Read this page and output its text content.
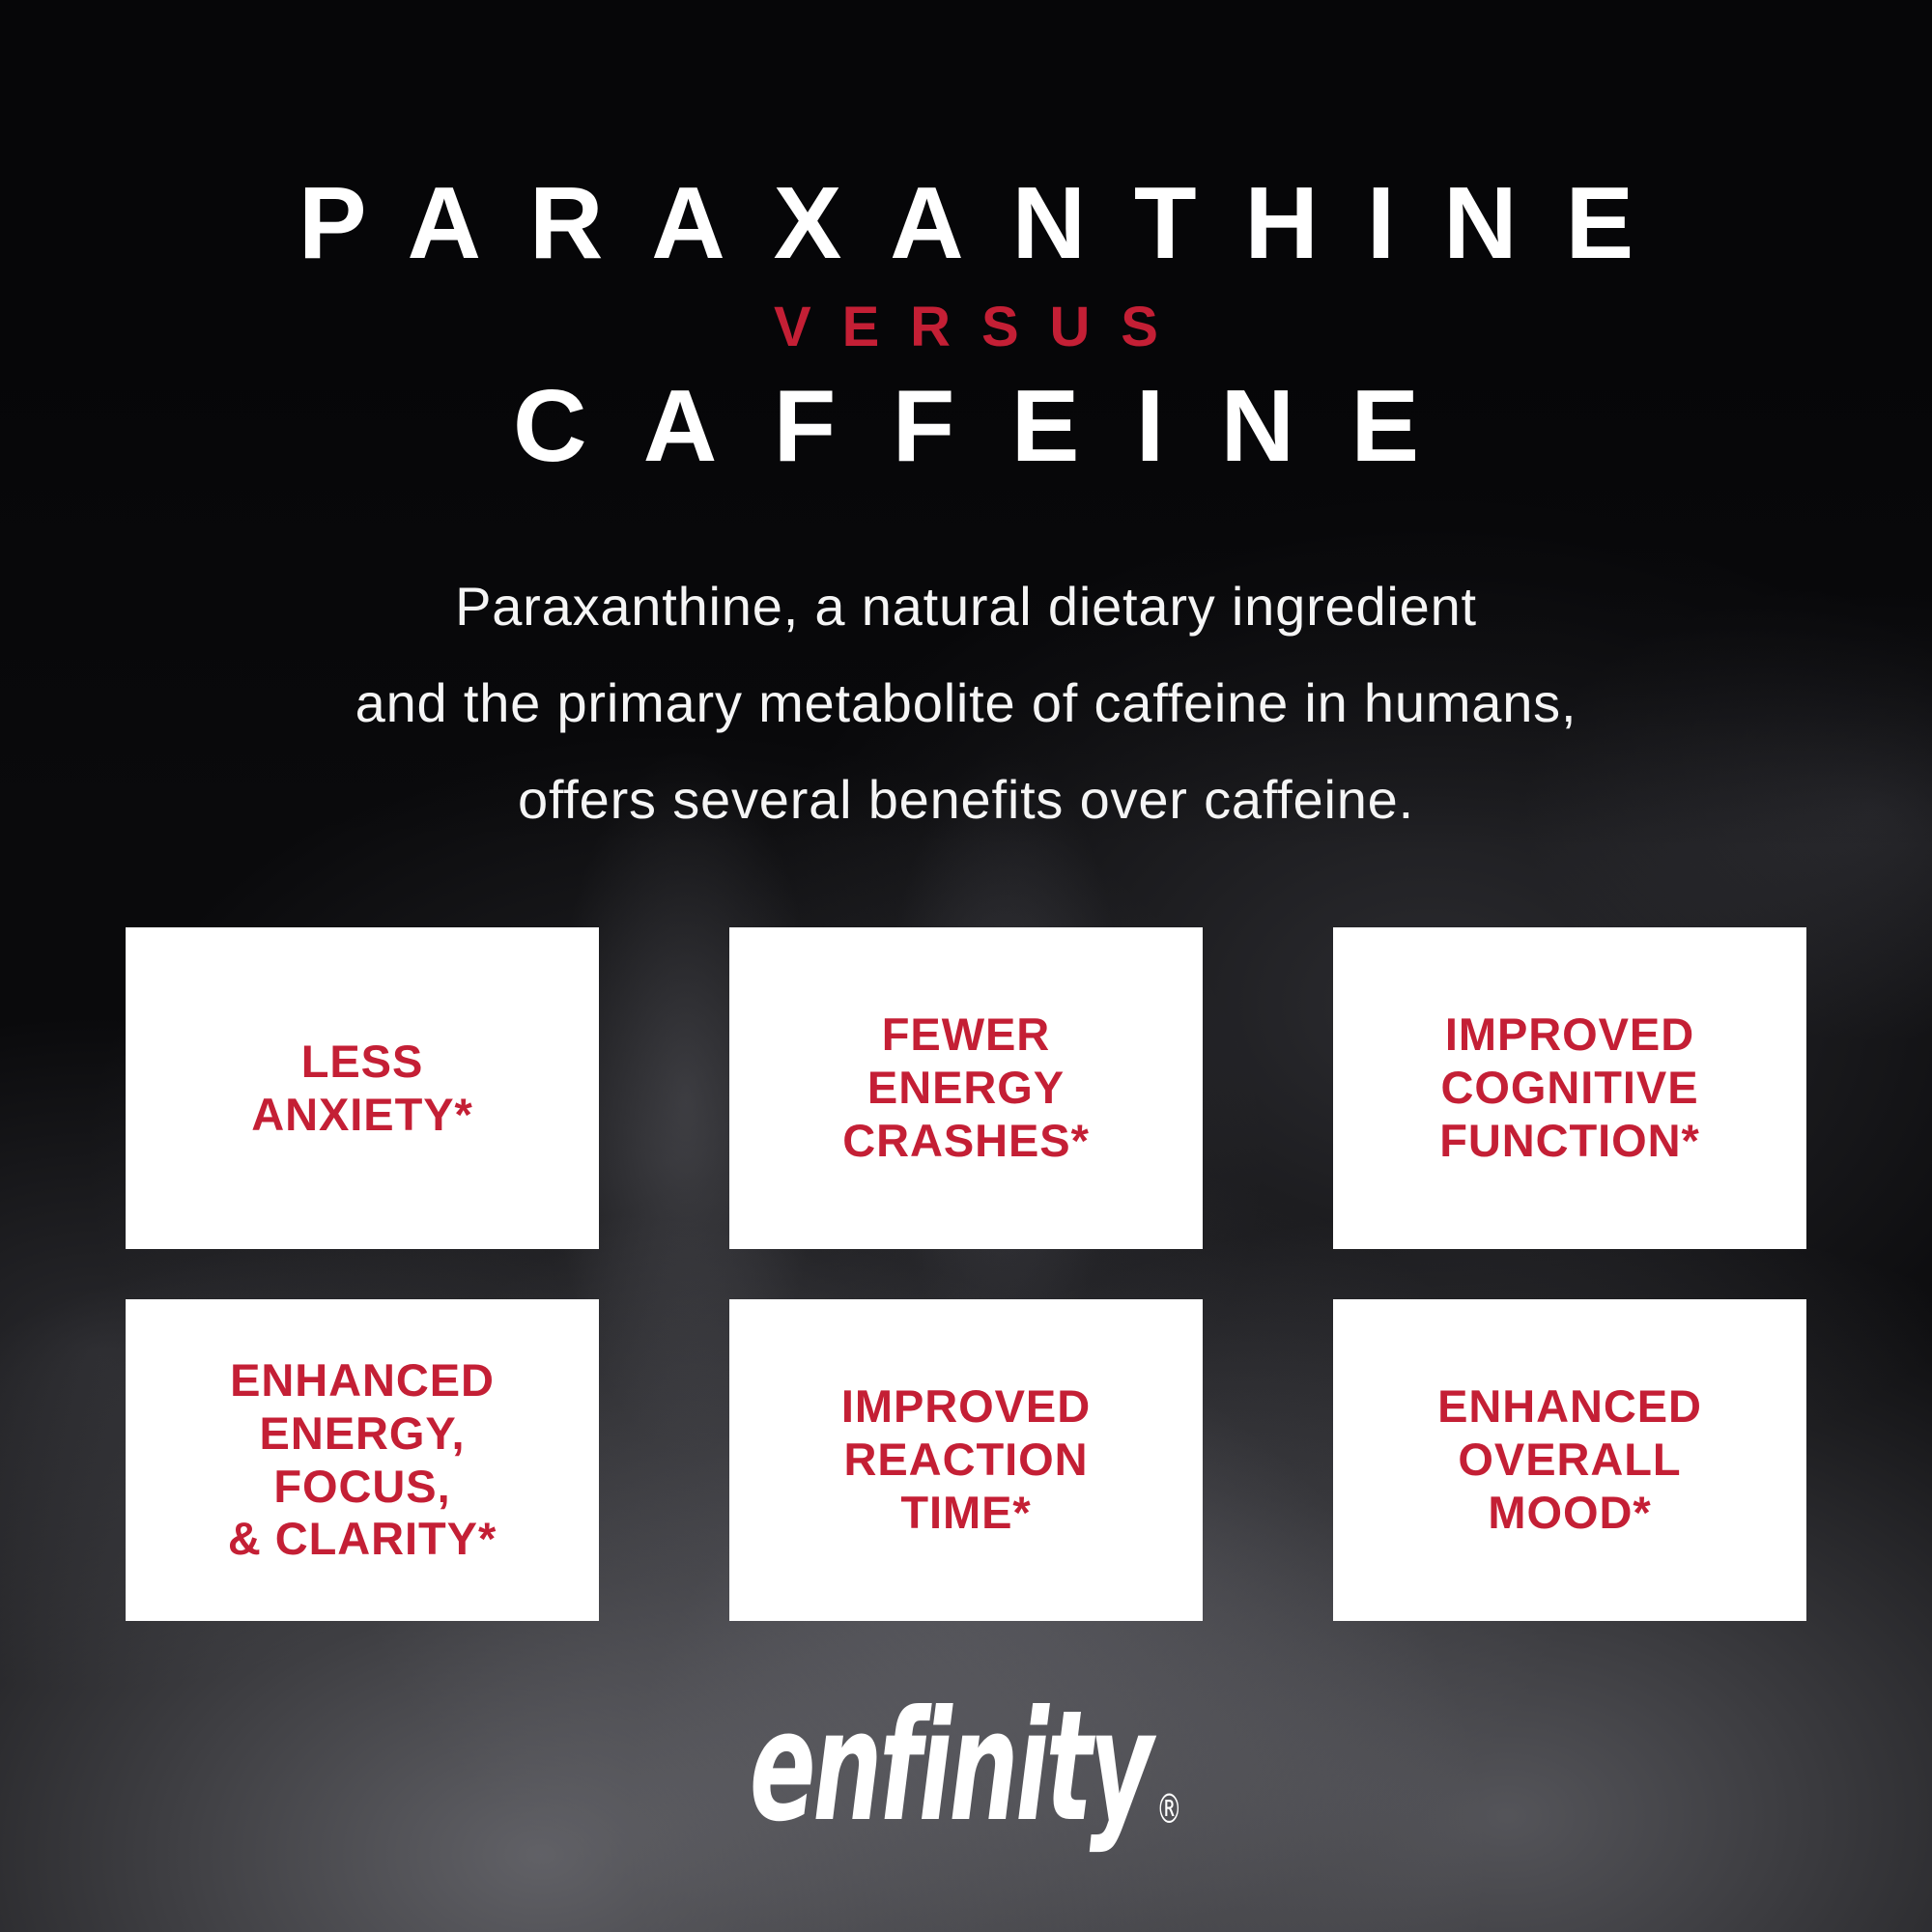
PARAXANTHINE
VERSUS
CAFFEINE
Paraxanthine, a natural dietary ingredient
and the primary metabolite of caffeine in humans,
offers several benefits over caffeine.
LESS
ANXIETY*
FEWER
ENERGY
CRASHES*
IMPROVED
COGNITIVE
FUNCTION*
ENHANCED
ENERGY,
FOCUS,
& CLARITY*
IMPROVED
REACTION
TIME*
ENHANCED
OVERALL
MOOD*
enfinity ®
